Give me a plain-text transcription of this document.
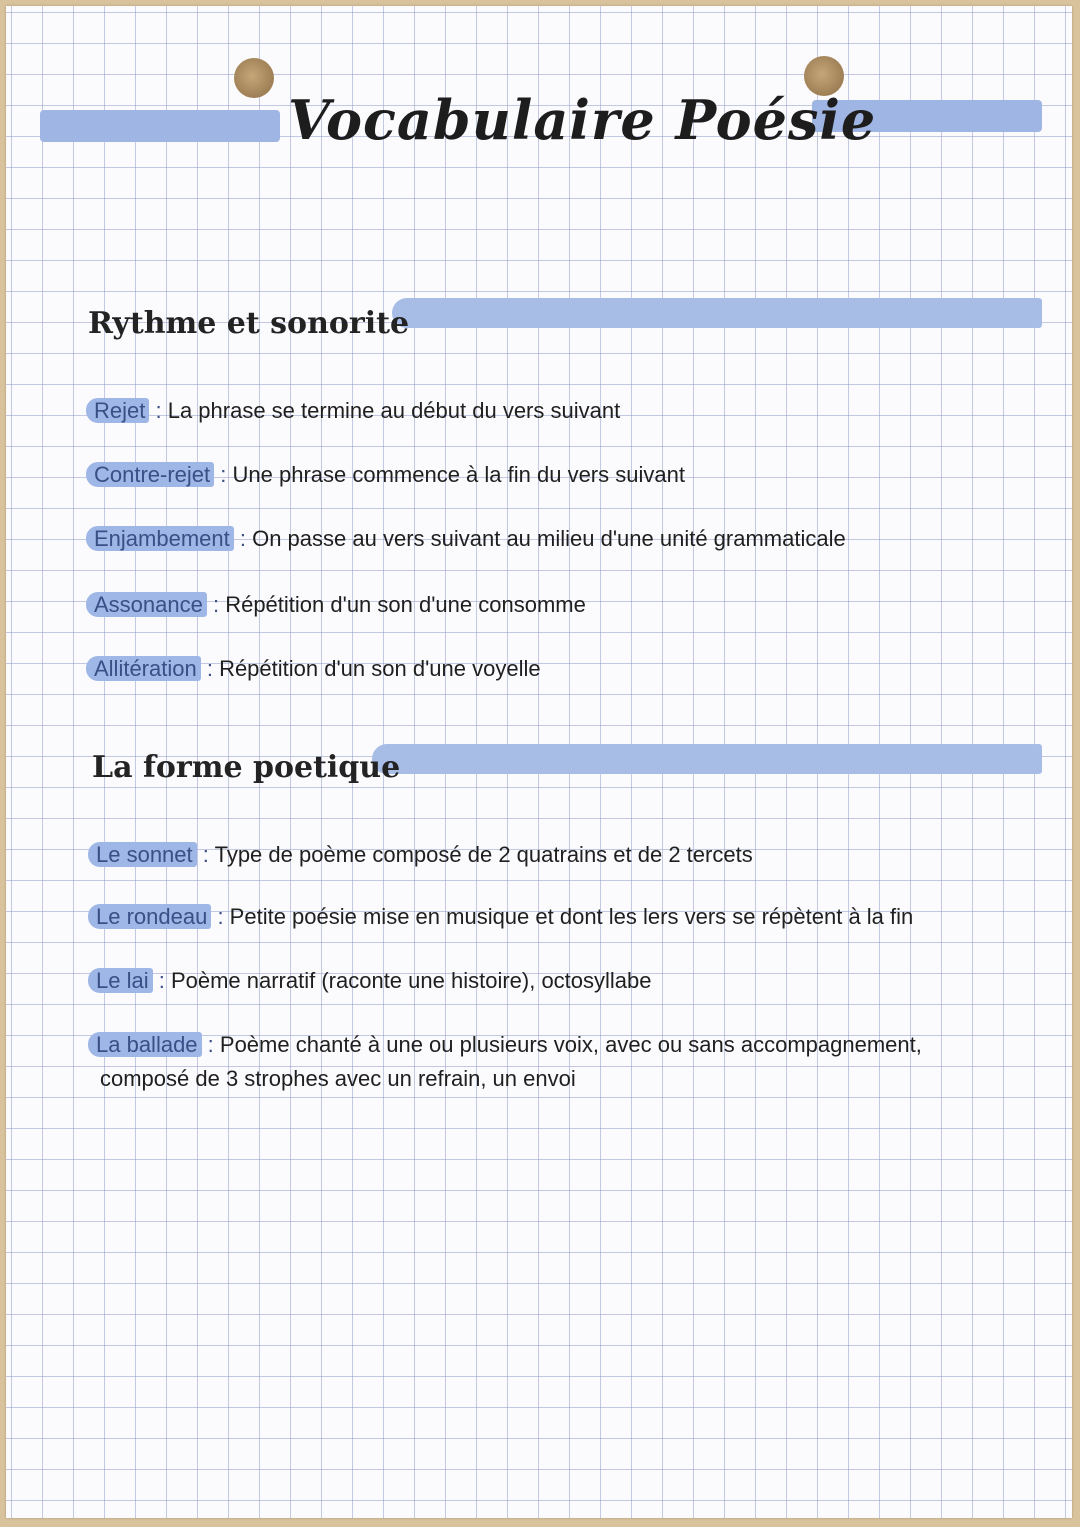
Vocabulaire Poésie
Rythme et sonorite
Rejet : La phrase se termine au début du vers suivant
Contre-rejet : Une phrase commence à la fin du vers suivant
Enjambement : On passe au vers suivant au milieu d'une unité grammaticale
Assonance : Répétition d'un son d'une consomme
Allitération : Répétition d'un son d'une voyelle
La forme poetique
Le sonnet : Type de poème composé de 2 quatrains et de 2 tercets
Le rondeau : Petite poésie mise en musique et dont les lers vers se répètent à la fin
Le lai : Poème narratif (raconte une histoire), octosyllabe
La ballade : Poème chanté à une ou plusieurs voix, avec ou sans accompagnement,
composé de 3 strophes avec un refrain, un envoi
